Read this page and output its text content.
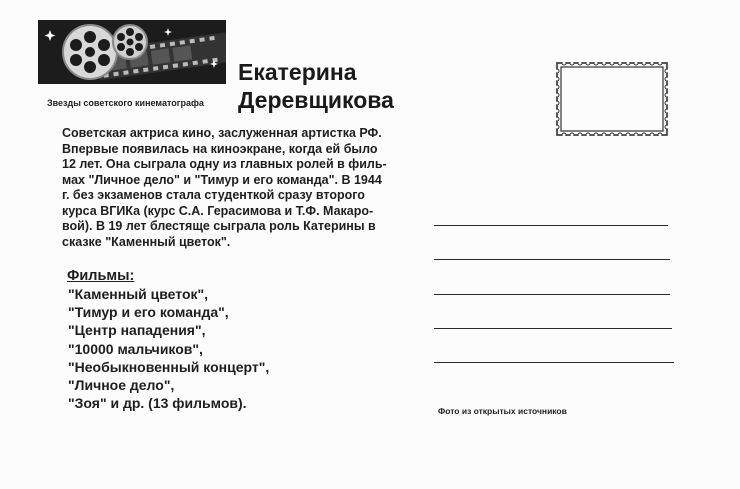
Звезды советского кинематографа
Екатерина
Деревщикова

Советская актриса кино, заслуженная артистка РФ.
Впервые появилась на киноэкране, когда ей было
12 лет. Она сыграла одну из главных ролей в филь-
мах "Личное дело" и "Тимур и его команда". В 1944
г. без экзаменов стала студенткой сразу второго
курса ВГИКа (курс С.А. Герасимова и Т.Ф. Макаро-
вой). В 19 лет блестяще сыграла роль Катерины в
сказке "Каменный цветок".

Фильмы:
"Каменный цветок",
"Тимур и его команда",
"Центр нападения",
"10000 мальчиков",
"Необыкновенный концерт",
"Личное дело",
"Зоя" и др. (13 фильмов).	Фото из открытых источников
